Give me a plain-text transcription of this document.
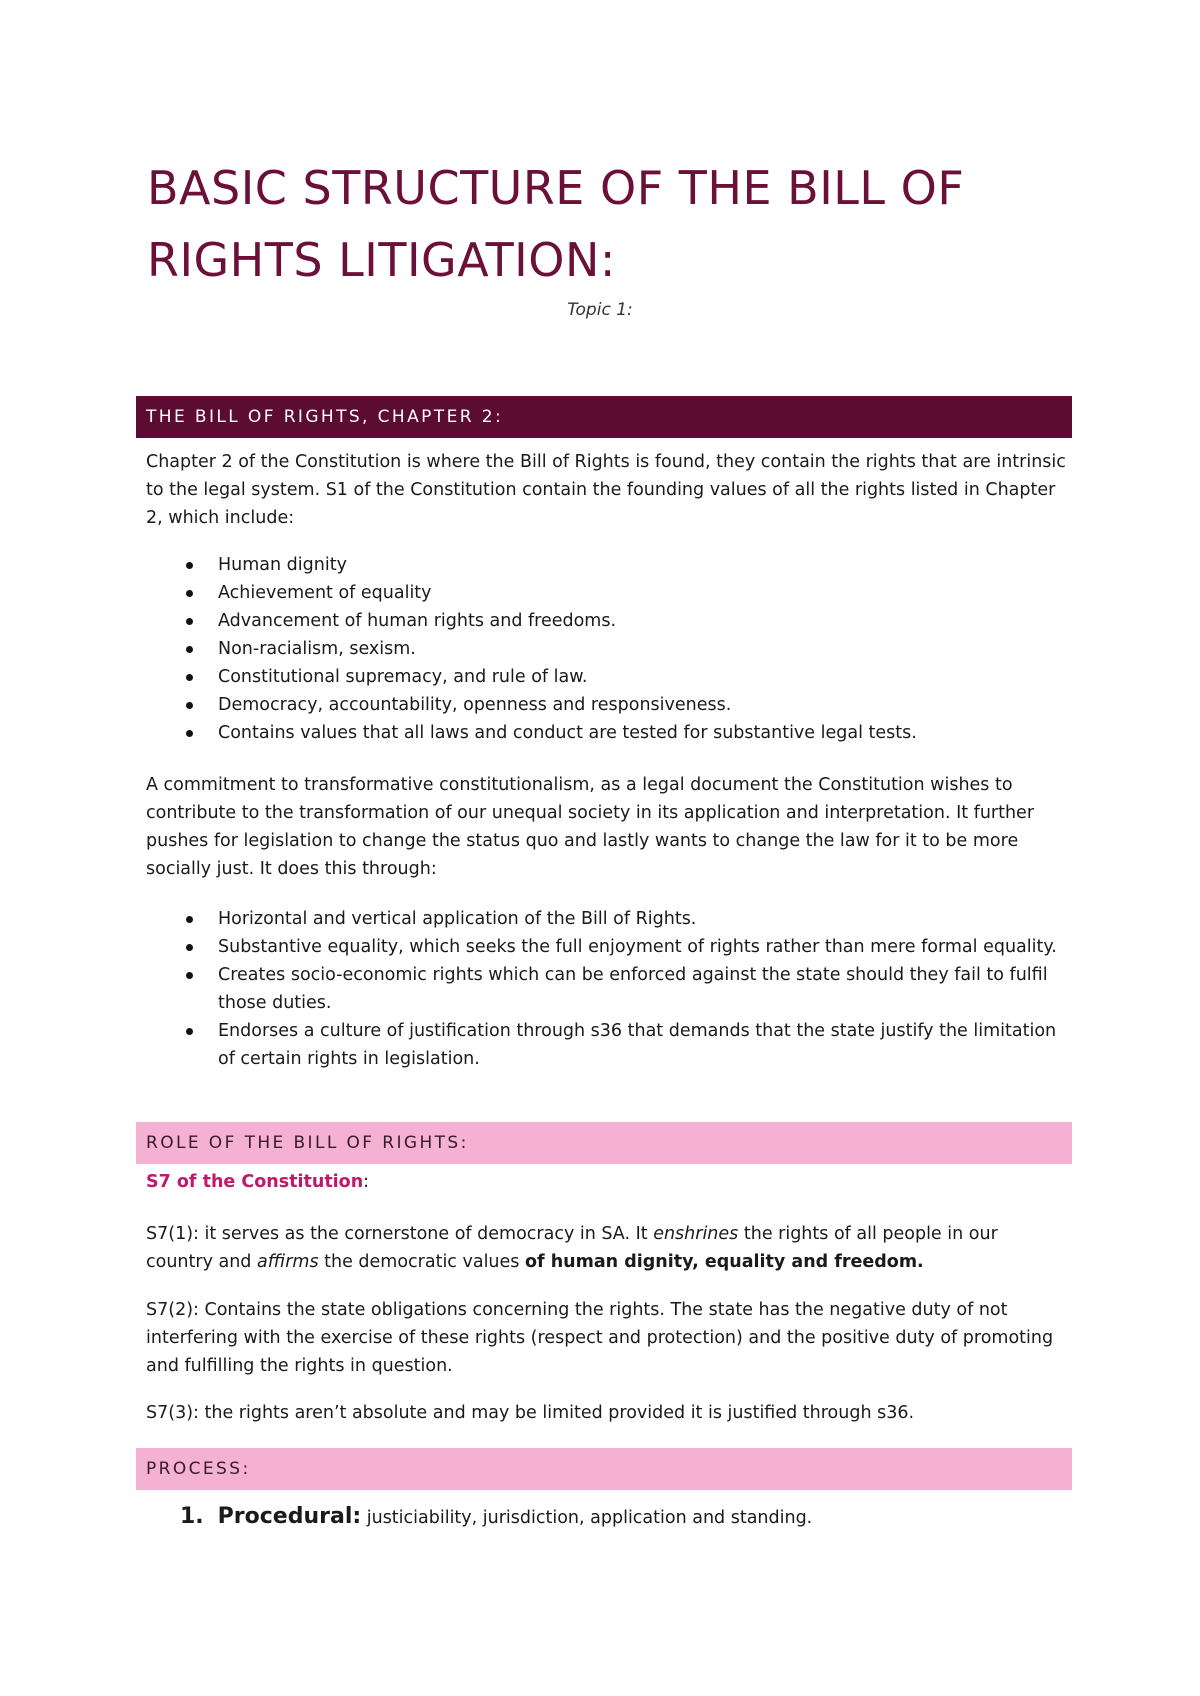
BASIC STRUCTURE OF THE BILL OF RIGHTS LITIGATION:
Topic 1:
THE BILL OF RIGHTS, CHAPTER 2:

Chapter 2 of the Constitution is where the Bill of Rights is found, they contain the rights that are intrinsic to the legal system. S1 of the Constitution contain the founding values of all the rights listed in Chapter 2, which include:

Human dignity
Achievement of equality
Advancement of human rights and freedoms.
Non-racialism, sexism.
Constitutional supremacy, and rule of law.
Democracy, accountability, openness and responsiveness.
Contains values that all laws and conduct are tested for substantive legal tests.

A commitment to transformative constitutionalism, as a legal document the Constitution wishes to contribute to the transformation of our unequal society in its application and interpretation. It further pushes for legislation to change the status quo and lastly wants to change the law for it to be more socially just. It does this through:

Horizontal and vertical application of the Bill of Rights.
Substantive equality, which seeks the full enjoyment of rights rather than mere formal equality.
Creates socio-economic rights which can be enforced against the state should they fail to fulfil those duties.
Endorses a culture of justification through s36 that demands that the state justify the limitation of certain rights in legislation.
ROLE OF THE BILL OF RIGHTS:
S7 of the Constitution:

S7(1): it serves as the cornerstone of democracy in SA. It enshrines the rights of all people in our country and affirms the democratic values of human dignity, equality and freedom.

S7(2): Contains the state obligations concerning the rights. The state has the negative duty of not interfering with the exercise of these rights (respect and protection) and the positive duty of promoting and fulfilling the rights in question.

S7(3): the rights aren’t absolute and may be limited provided it is justified through s36.

PROCESS:
1. Procedural: justiciability, jurisdiction, application and standing.
